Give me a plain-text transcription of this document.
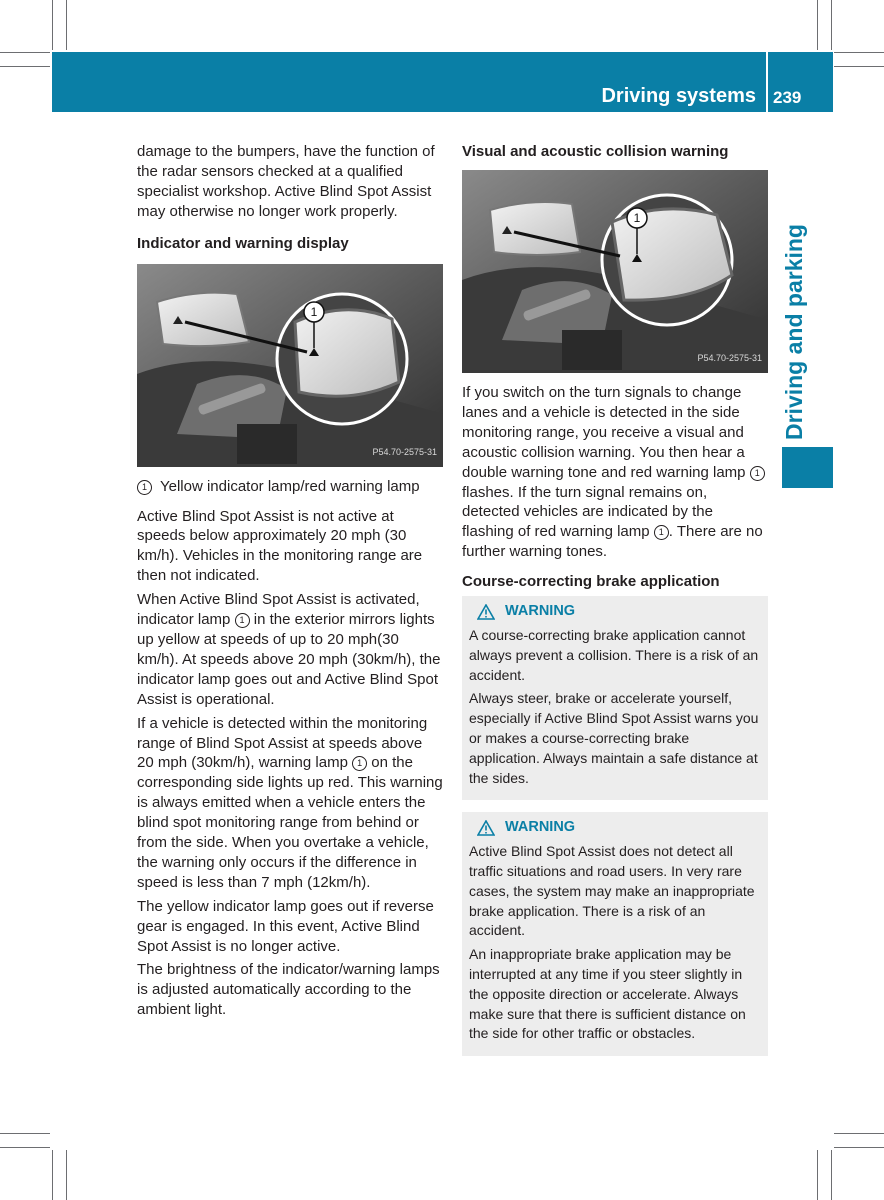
Driving systems 239
Driving and parking

damage to the bumpers, have the function of the radar sensors checked at a qualified specialist workshop. Active Blind Spot Assist may otherwise no longer work properly.

Indicator and warning display
1
P54.70-2575-31

1 Yellow indicator lamp/red warning lamp

Active Blind Spot Assist is not active at speeds below approximately 20 mph (30 km/h). Vehicles in the monitoring range are then not indicated.

When Active Blind Spot Assist is activated, indicator lamp 1 in the exterior mirrors lights up yellow at speeds of up to 20 mph(30 km/h). At speeds above 20 mph (30km/h), the indicator lamp goes out and Active Blind Spot Assist is operational.

If a vehicle is detected within the monitoring range of Blind Spot Assist at speeds above 20 mph (30km/h), warning lamp 1 on the corresponding side lights up red. This warning is always emitted when a vehicle enters the blind spot monitoring range from behind or from the side. When you overtake a vehicle, the warning only occurs if the difference in speed is less than 7 mph (12km/h).

The yellow indicator lamp goes out if reverse gear is engaged. In this event, Active Blind Spot Assist is no longer active.

The brightness of the indicator/warning lamps is adjusted automatically according to the ambient light.

Visual and acoustic collision warning
1
P54.70-2575-31

If you switch on the turn signals to change lanes and a vehicle is detected in the side monitoring range, you receive a visual and acoustic collision warning. You then hear a double warning tone and red warning lamp 1 flashes. If the turn signal remains on, detected vehicles are indicated by the flashing of red warning lamp 1 . There are no further warning tones.

Course-correcting brake application
WARNING

A course-correcting brake application cannot always prevent a collision. There is a risk of an accident.

Always steer, brake or accelerate yourself, especially if Active Blind Spot Assist warns you or makes a course-correcting brake application. Always maintain a safe distance at the sides.

WARNING

Active Blind Spot Assist does not detect all traffic situations and road users. In very rare cases, the system may make an inappropriate brake application. There is a risk of an accident.

An inappropriate brake application may be interrupted at any time if you steer slightly in the opposite direction or accelerate. Always make sure that there is sufficient distance on the side for other traffic or obstacles.
